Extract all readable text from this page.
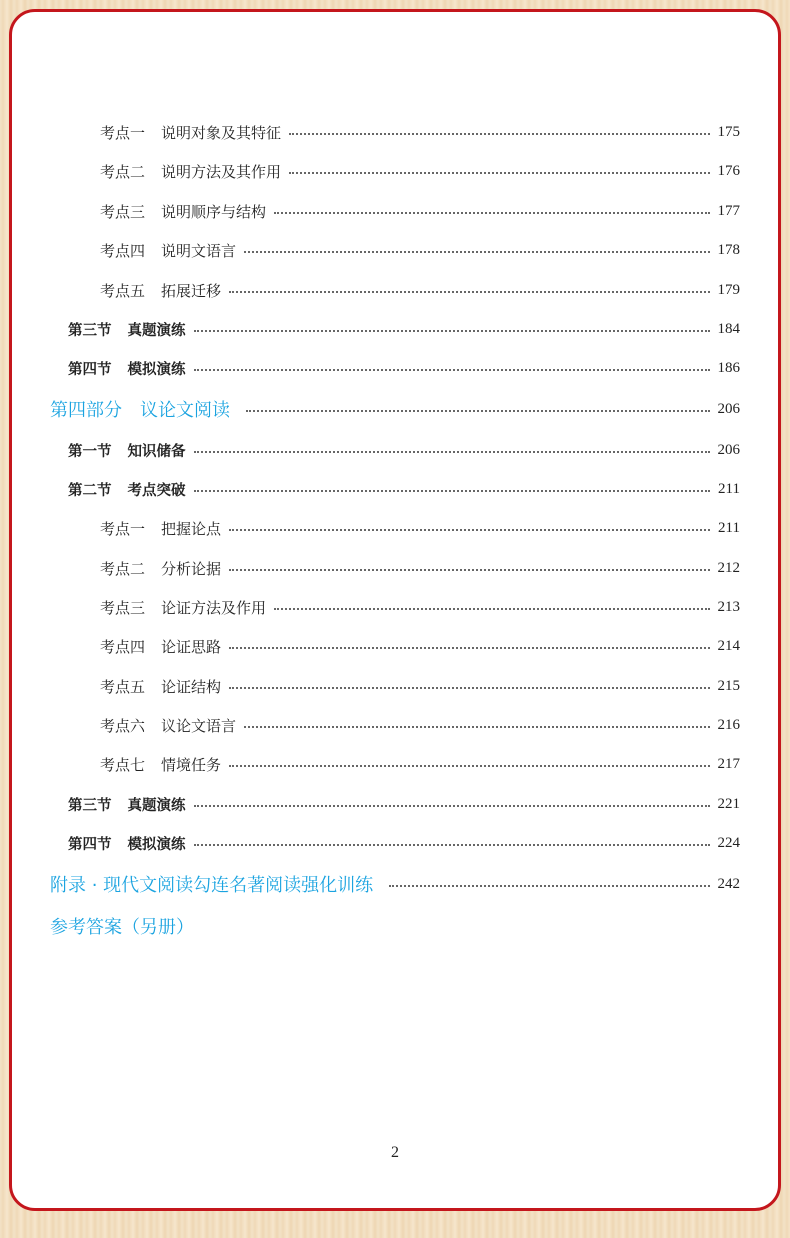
考点一 说明对象及其特征	175
考点二 说明方法及其作用	176
考点三 说明顺序与结构	177
考点四 说明文语言	178
考点五 拓展迁移	179
第三节 真题演练	184
第四节 模拟演练	186
第四部分 议论文阅读	206
第一节 知识储备	206
第二节 考点突破	211
考点一 把握论点	211
考点二 分析论据	212
考点三 论证方法及作用	213
考点四 论证思路	214
考点五 论证结构	215
考点六 议论文语言	216
考点七 情境任务	217
第三节 真题演练	221
第四节 模拟演练	224
附录 · 现代文阅读勾连名著阅读强化训练	242
参考答案（另册）
2
